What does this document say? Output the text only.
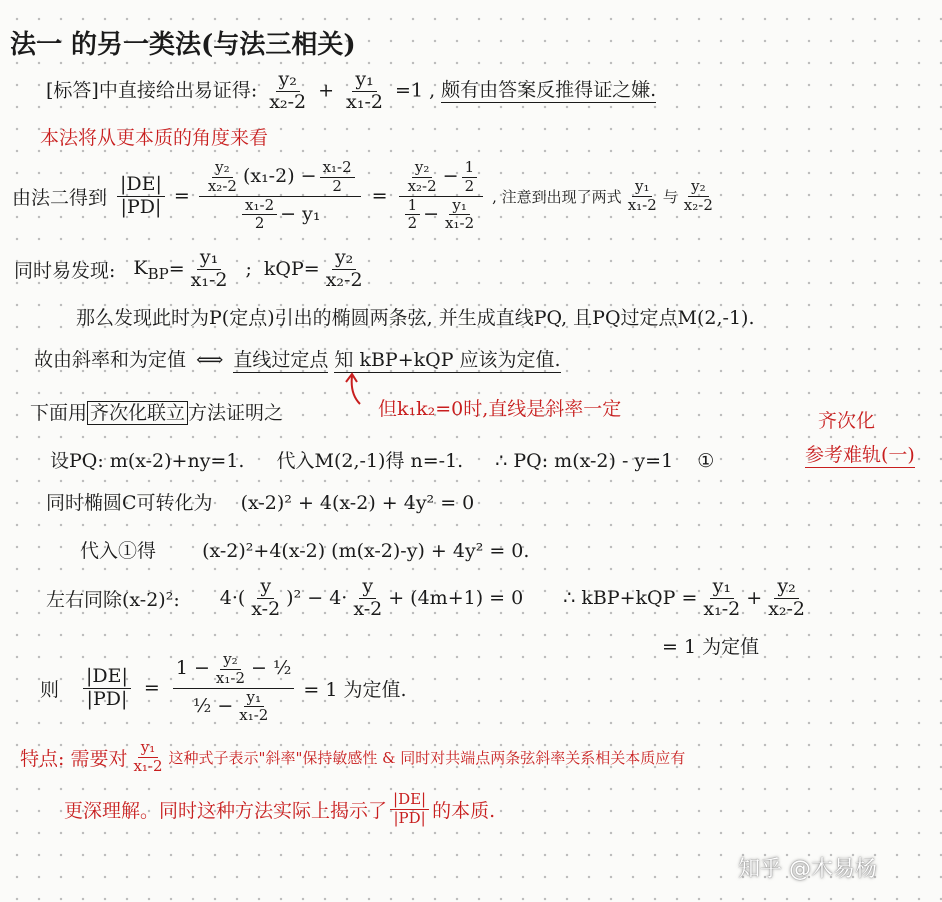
法一 的另一类法(与法三相关)
[标答]中直接给出易证得: $\frac{\text{y₂}}{\text{x₂-2}} + \frac{\text{y₁}}{\text{x₁-2}} =1$ , 颇有由答案反推得证之嫌.
本法将从更本质的角度来看
由法二得到 $\frac{|DE|}{|PD|} = \frac{\frac{\text{y₂}}{\text{x₂-2}} (x_1-2) - \frac{\text{x₁-2}}{2}}{\frac{\text{x₁-2}}{2} - y_1} = \frac{\frac{\text{y₂}}{\text{x₂-2}} - \frac{1}{2}}{\frac{1}{2} - \frac{\text{y₁}}{\text{x₁-2}}}$ , 注意到出现了两式 $\frac{\text{y₁}}{\text{x₁-2}}$ 与 $\frac{\text{y₂}}{\text{x₂-2}}$
同时易发现: $K_{BP} = \frac{\text{y₁}}{\text{x₁-2}}$ ; kQP = $\frac{\text{y₂}}{\text{x₂-2}}$
那么发现此时为P(定点)引出的椭圆两条弦, 并生成直线PQ, 且PQ过定点M(2,-1).
故由斜率和为定值 ⟺ 直线过定点 知 kBP+kQP 应该为定值.
但k₁k₂=0时,直线是斜率一定
下面用 齐次化联立 方法证明之	齐次化
参考难轨(一)
设PQ: m(x-2)+ny=1. 代入M(2,-1)得 n=-1. ∴ PQ: m(x-2) - y=1 ①
同时椭圆C可转化为 (x-2)² + 4(x-2) + 4y² = 0
代入①得 (x-2)²+4(x-2) (m(x-2)-y) + 4y² = 0.
左右同除(x-2)²: $4\cdot( \frac{y}{x-2} )^2 - 4\cdot \frac{y}{x-2} + (4m+1) = 0$ ∴ $kBP+kQP = \frac{\text{y₁}}{\text{x₁-2}} + \frac{\text{y₂}}{\text{x₂-2}}$
= 1 为定值
则 $\frac{|DE|}{|PD|} = \frac{1 - \frac{\text{y₂}}{\text{x₁-2}} - \frac{1}{2}}{\frac{1}{2} - \frac{\text{y₁}}{\text{x₁-2}}} = 1$ 为定值.
特点: 需要对 $\frac{\text{y₁}}{\text{x₁-2}}$ 这种式子表示"斜率"保持敏感性 & 同时对共端点两条弦斜率关系相关本质应有
更深理解。同时这种方法实际上揭示了 $\frac{|DE|}{|PD|}$ 的本质.
知乎 @木易杨
